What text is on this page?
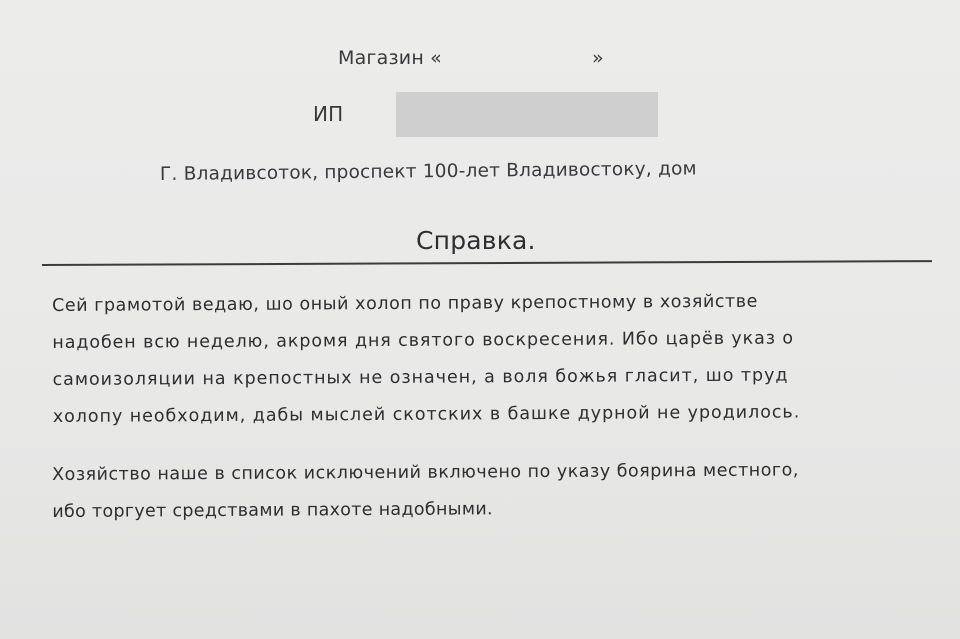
Магазин «	»
ИП
Г. Владивсоток, проспект 100-лет Владивостоку, дом
Справка.
Сей грамотой ведаю, шо оный холоп по праву крепостному в хозяйстве
надобен всю неделю, акромя дня святого воскресения. Ибо царёв указ о
самоизоляции на крепостных не означен, а воля божья гласит, шо труд
холопу необходим, дабы мыслей скотских в башке дурной не уродилось.
Хозяйство наше в список исключений включено по указу боярина местного,
ибо торгует средствами в пахоте надобными.
